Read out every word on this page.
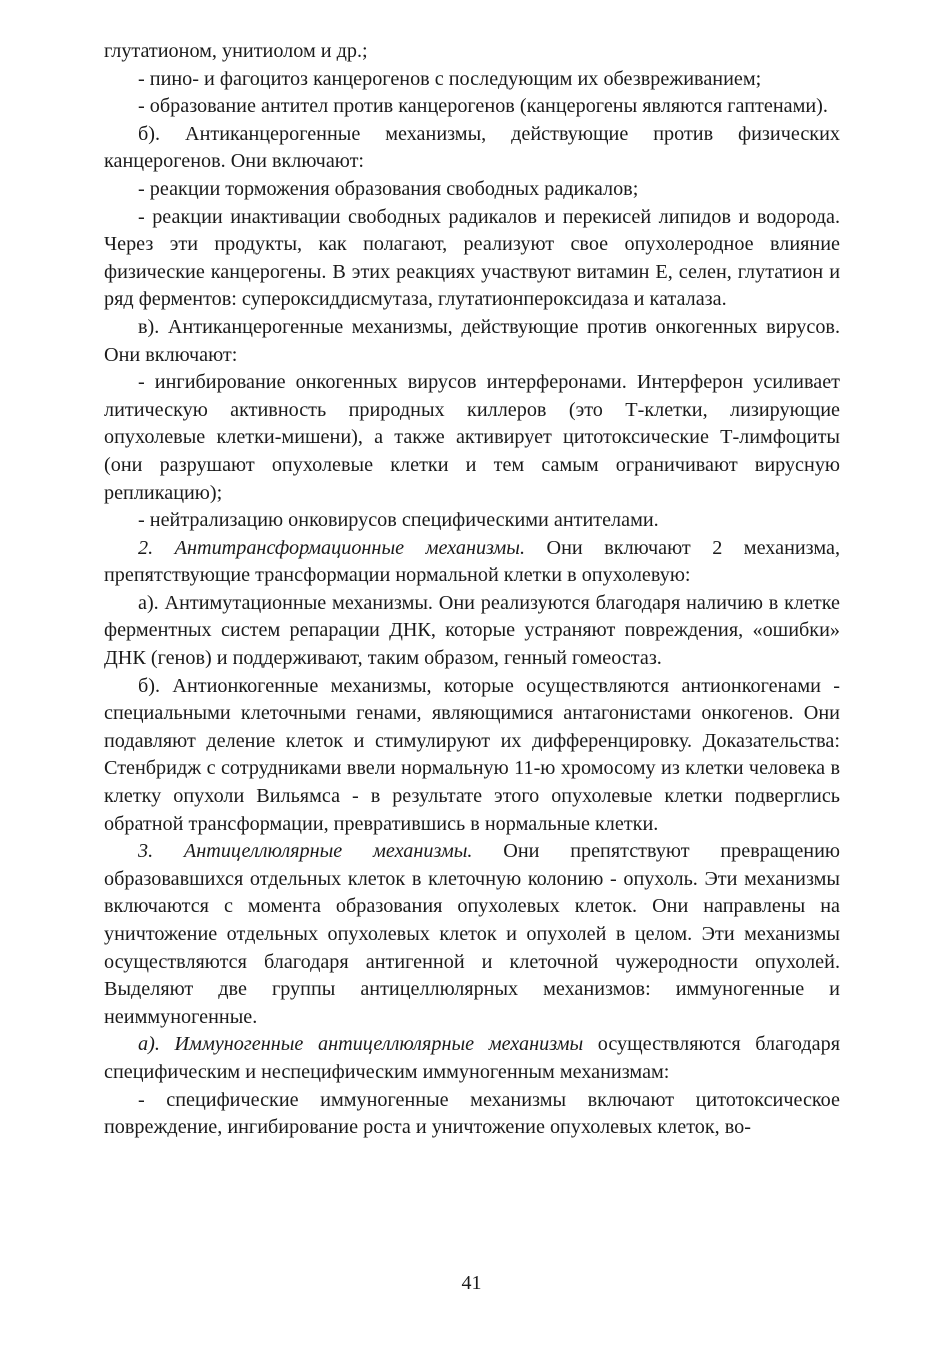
глутатионом, унитиолом и др.;

- пино- и фагоцитоз канцерогенов с последующим их обезвреживанием;

- образование антител против канцерогенов (канцерогены являются гаптенами).

б). Антиканцерогенные механизмы, действующие против физических канцерогенов. Они включают:

- реакции торможения образования свободных радикалов;

- реакции инактивации свободных радикалов и перекисей липидов и водорода. Через эти продукты, как полагают, реализуют свое опухолеродное влияние физические канцерогены. В этих реакциях участвуют витамин Е, селен, глутатион и ряд ферментов: супероксиддисмутаза, глутатионпероксидаза и каталаза.

в). Антиканцерогенные механизмы, действующие против онкогенных вирусов. Они включают:

- ингибирование онкогенных вирусов интерферонами. Интерферон усиливает литическую активность природных киллеров (это Т-клетки, лизирующие опухолевые клетки-мишени), а также активирует цитотоксические Т-лимфоциты (они разрушают опухолевые клетки и тем самым ограничивают вирусную репликацию);

- нейтрализацию онковирусов специфическими антителами.

2. Антитрансформационные механизмы. Они включают 2 механизма, препятствующие трансформации нормальной клетки в опухолевую:

а). Антимутационные механизмы. Они реализуются благодаря наличию в клетке ферментных систем репарации ДНК, которые устраняют повреждения, «ошибки» ДНК (генов) и поддерживают, таким образом, генный гомеостаз.

б). Антионкогенные механизмы, которые осуществляются антионкогенами - специальными клеточными генами, являющимися антагонистами онкогенов. Они подавляют деление клеток и стимулируют их дифференцировку. Доказательства: Стенбридж с сотрудниками ввели нормальную 11-ю хромосому из клетки человека в клетку опухоли Вильямса - в результате этого опухолевые клетки подверглись обратной трансформации, превратившись в нормальные клетки.

3. Антицеллюлярные механизмы. Они препятствуют превращению образовавшихся отдельных клеток в клеточную колонию - опухоль. Эти механизмы включаются с момента образования опухолевых клеток. Они направлены на уничтожение отдельных опухолевых клеток и опухолей в целом. Эти механизмы осуществляются благодаря антигенной и клеточной чужеродности опухолей. Выделяют две группы антицеллюлярных механизмов: иммуногенные и неиммуногенные.

а). Иммуногенные антицеллюлярные механизмы осуществляются благодаря специфическим и неспецифическим иммуногенным механизмам:

- специфические иммуногенные механизмы включают цитотоксическое повреждение, ингибирование роста и уничтожение опухолевых клеток, во-

41
